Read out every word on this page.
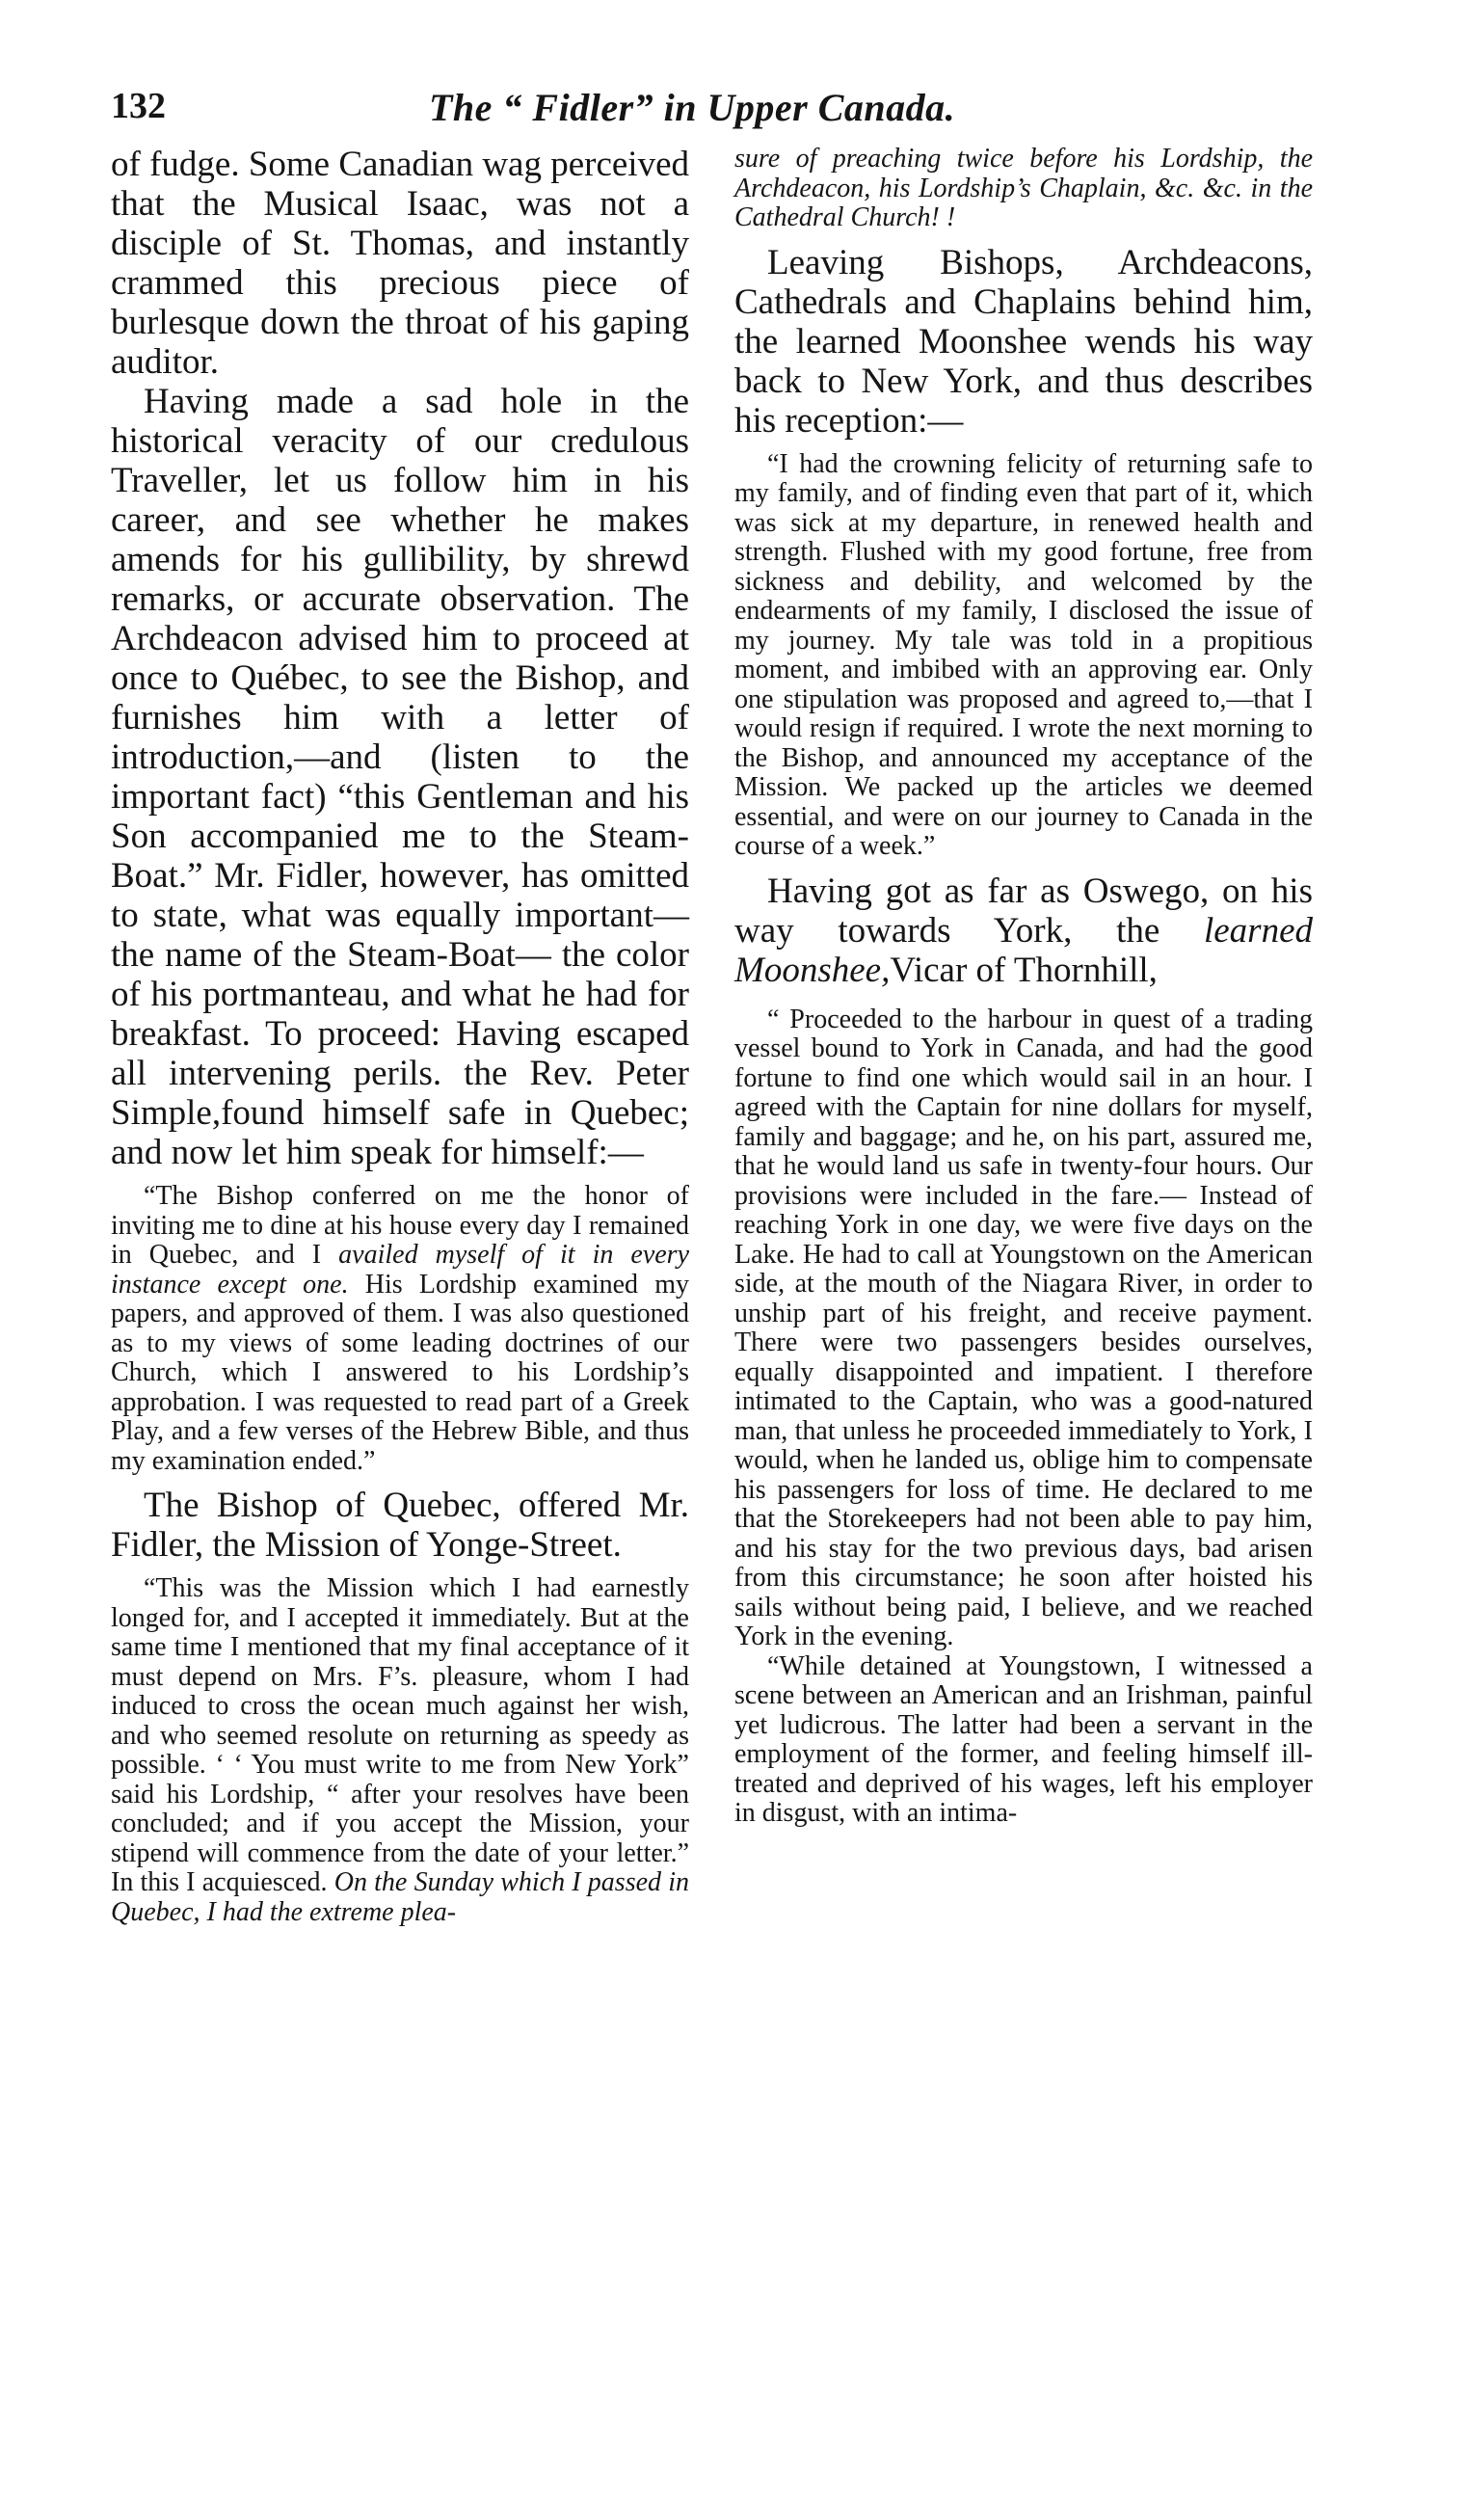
132	The “ Fidler” in Upper Canada.

of fudge. Some Canadian wag perceived that the Musical Isaac, was not a disciple of St. Thomas, and instantly crammed this precious piece of burlesque down the throat of his gaping auditor.

Having made a sad hole in the historical veracity of our credulous Traveller, let us follow him in his career, and see whether he makes amends for his gullibility, by shrewd remarks, or accurate observation. The Archdeacon advised him to proceed at once to Québec, to see the Bishop, and furnishes him with a letter of introduction,—and (listen to the important fact) “this Gentleman and his Son accompanied me to the Steam-Boat.” Mr. Fidler, however, has omitted to state, what was equally important—the name of the Steam-Boat— the color of his portmanteau, and what he had for breakfast. To proceed: Having escaped all intervening perils. the Rev. Peter Simple,found himself safe in Quebec; and now let him speak for himself:—

“The Bishop conferred on me the honor of inviting me to dine at his house every day I remained in Quebec, and I availed myself of it in every instance except one. His Lordship examined my papers, and approved of them. I was also questioned as to my views of some leading doctrines of our Church, which I answered to his Lordship’s approbation. I was requested to read part of a Greek Play, and a few verses of the Hebrew Bible, and thus my examination ended.”

The Bishop of Quebec, offered Mr. Fidler, the Mission of Yonge-Street.

“This was the Mission which I had earnestly longed for, and I accepted it immediately. But at the same time I mentioned that my final acceptance of it must depend on Mrs. F’s. pleasure, whom I had induced to cross the ocean much against her wish, and who seemed resolute on returning as speedy as possible. ‘ ‘ You must write to me from New York” said his Lordship, “ after your resolves have been concluded; and if you accept the Mission, your stipend will commence from the date of your letter.” In this I acquiesced. On the Sunday which I passed in Quebec, I had the extreme plea-

sure of preaching twice before his Lordship, the Archdeacon, his Lordship’s Chaplain, &c. &c. in the Cathedral Church! !

Leaving Bishops, Archdeacons, Cathedrals and Chaplains behind him, the learned Moonshee wends his way back to New York, and thus describes his reception:—

“I had the crowning felicity of returning safe to my family, and of finding even that part of it, which was sick at my departure, in renewed health and strength. Flushed with my good fortune, free from sickness and debility, and welcomed by the endearments of my family, I disclosed the issue of my journey. My tale was told in a propitious moment, and imbibed with an approving ear. Only one stipulation was proposed and agreed to,—that I would resign if required. I wrote the next morning to the Bishop, and announced my acceptance of the Mission. We packed up the articles we deemed essential, and were on our journey to Canada in the course of a week.”

Having got as far as Oswego, on his way towards York, the learned Moonshee,Vicar of Thornhill,

“ Proceeded to the harbour in quest of a trading vessel bound to York in Canada, and had the good fortune to find one which would sail in an hour. I agreed with the Captain for nine dollars for myself, family and baggage; and he, on his part, assured me, that he would land us safe in twenty-four hours. Our provisions were included in the fare.— Instead of reaching York in one day, we were five days on the Lake. He had to call at Youngstown on the American side, at the mouth of the Niagara River, in order to unship part of his freight, and receive payment. There were two passengers besides ourselves, equally disappointed and impatient. I therefore intimated to the Captain, who was a good-natured man, that unless he proceeded immediately to York, I would, when he landed us, oblige him to compensate his passengers for loss of time. He declared to me that the Storekeepers had not been able to pay him, and his stay for the two previous days, bad arisen from this circumstance; he soon after hoisted his sails without being paid, I believe, and we reached York in the evening.

“While detained at Youngstown, I witnessed a scene between an American and an Irishman, painful yet ludicrous. The latter had been a servant in the employment of the former, and feeling himself ill-treated and deprived of his wages, left his employer in disgust, with an intima-
